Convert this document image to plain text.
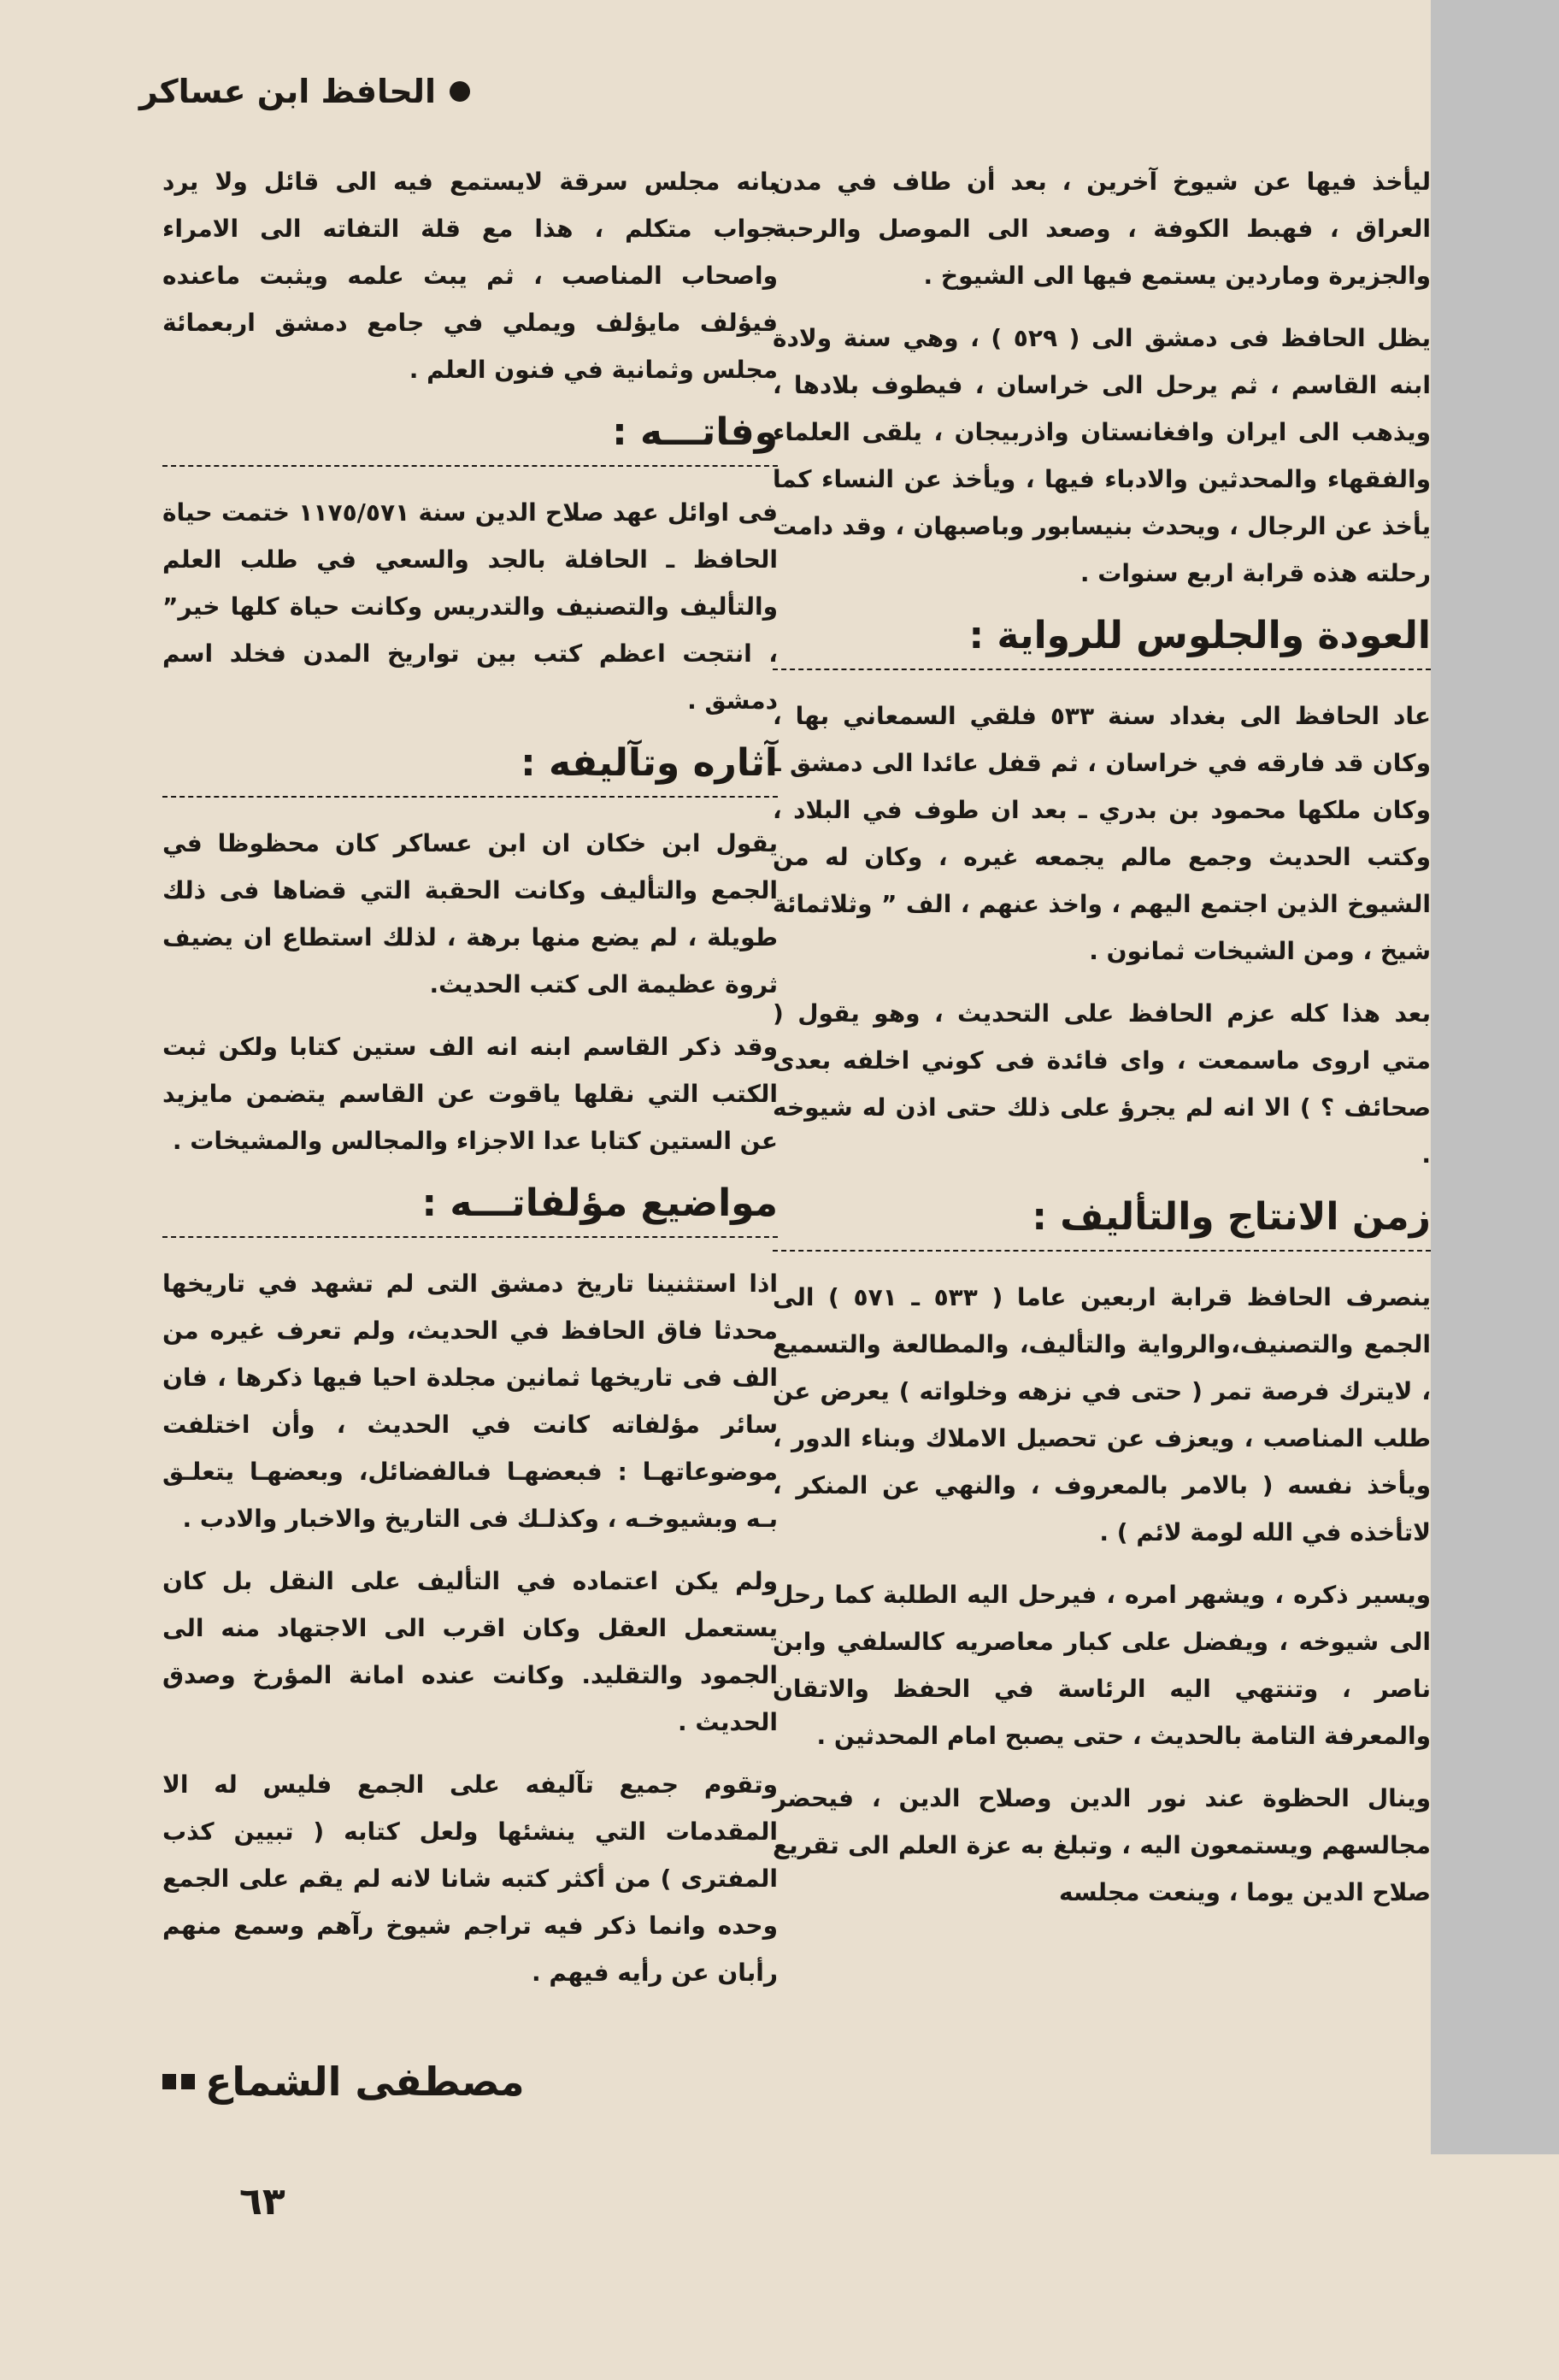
الحافظ ابن عساكر

ليأخذ فيها عن شيوخ آخرين ، بعد أن طاف في مدن العراق ، فهبط الكوفة ، وصعد الى الموصل والرحبة والجزيرة وماردين يستمع فيها الى الشيوخ .

يظل الحافظ فى دمشق الى ( ٥٢٩ ) ، وهي سنة ولادة ابنه القاسم ، ثم يرحل الى خراسان ، فيطوف بلادها ، ويذهب الى ايران وافغانستان واذربيجان ، يلقى العلماء والفقهاء والمحدثين والادباء فيها ، ويأخذ عن النساء كما يأخذ عن الرجال ، ويحدث بنيسابور وباصبهان ، وقد دامت رحلته هذه قرابة اربع سنوات .

العودة والجلوس للرواية :

عاد الحافظ الى بغداد سنة ٥٣٣ فلقي السمعاني بها ، وكان قد فارقه في خراسان ، ثم قفل عائدا الى دمشق ـ وكان ملكها محمود بن بدري ـ بعد ان طوف في البلاد ، وكتب الحديث وجمع مالم يجمعه غيره ، وكان له من الشيوخ الذين اجتمع اليهم ، واخذ عنهم ، الف ” وثلاثمائة شيخ ، ومن الشيخات ثمانون .

بعد هذا كله عزم الحافظ على التحديث ، وهو يقول ( متي اروى ماسمعت ، واى فائدة فى كوني اخلفه بعدى صحائف ؟ ) الا انه لم يجرؤ على ذلك حتى اذن له شيوخه .

زمن الانتاج والتأليف :

ينصرف الحافظ قرابة اربعين عاما ( ٥٣٣ ـ ٥٧١ ) الى الجمع والتصنيف،والرواية والتأليف، والمطالعة والتسميع ، لايترك فرصة تمر ( حتى في نزهه وخلواته ) يعرض عن طلب المناصب ، ويعزف عن تحصيل الاملاك وبناء الدور ، ويأخذ نفسه ( بالامر بالمعروف ، والنهي عن المنكر ، لاتأخذه في الله لومة لائم ) .

ويسير ذكره ، ويشهر امره ، فيرحل اليه الطلبة كما رحل الى شيوخه ، ويفضل على كبار معاصريه كالسلفي وابن ناصر ، وتنتهي اليه الرئاسة في الحفظ والاتقان والمعرفة التامة بالحديث ، حتى يصبح امام المحدثين .

وينال الحظوة عند نور الدين وصلاح الدين ، فيحضر مجالسهم ويستمعون اليه ، وتبلغ به عزة العلم الى تقريع صلاح الدين يوما ، وينعت مجلسه

بانه مجلس سرقة لايستمع فيه الى قائل ولا يرد جواب متكلم ، هذا مع قلة التفاته الى الامراء واصحاب المناصب ، ثم يبث علمه ويثبت ماعنده فيؤلف مايؤلف ويملي في جامع دمشق اربعمائة مجلس وثمانية في فنون العلم .

وفاتـــه :

فى اوائل عهد صلاح الدين سنة ١١٧٥/٥٧١ ختمت حياة الحافظ ـ الحافلة بالجد والسعي في طلب العلم والتأليف والتصنيف والتدريس وكانت حياة كلها خير” ، انتجت اعظم كتب بين تواريخ المدن فخلد اسم دمشق .

آثاره وتآليفه :

يقول ابن خكان ان ابن عساكر كان محظوظا في الجمع والتأليف وكانت الحقبة التي قضاها فى ذلك طويلة ، لم يضع منها برهة ، لذلك استطاع ان يضيف ثروة عظيمة الى كتب الحديث.

وقد ذكر القاسم ابنه انه الف ستين كتابا ولكن ثبت الكتب التي نقلها ياقوت عن القاسم يتضمن مايزيد عن الستين كتابا عدا الاجزاء والمجالس والمشيخات .

مواضيع مؤلفاتـــه :

اذا استثنينا تاريخ دمشق التى لم تشهد في تاريخها محدثا فاق الحافظ في الحديث، ولم تعرف غيره من الف فى تاريخها ثمانين مجلدة احيا فيها ذكرها ، فان سائر مؤلفاته كانت في الحديث ، وأن اختلفت موضوعاتهـا : فبعضهـا فىالفضائل، وبعضهـا يتعلـق بـه وبشيوخـه ، وكذلـك فى التاريخ والاخبار والادب .

ولم يكن اعتماده في التأليف على النقل بل كان يستعمل العقل وكان اقرب الى الاجتهاد منه الى الجمود والتقليد. وكانت عنده امانة المؤرخ وصدق الحديث .

وتقوم جميع تآليفه على الجمع فليس له الا المقدمات التي ينشئها ولعل كتابه ( تبيين كذب المفترى ) من أكثر كتبه شانا لانه لم يقم على الجمع وحده وانما ذكر فيه تراجم شيوخ رآهم وسمع منهم رأبان عن رأيه فيهم .

مصطفى الشماع
٦٣
